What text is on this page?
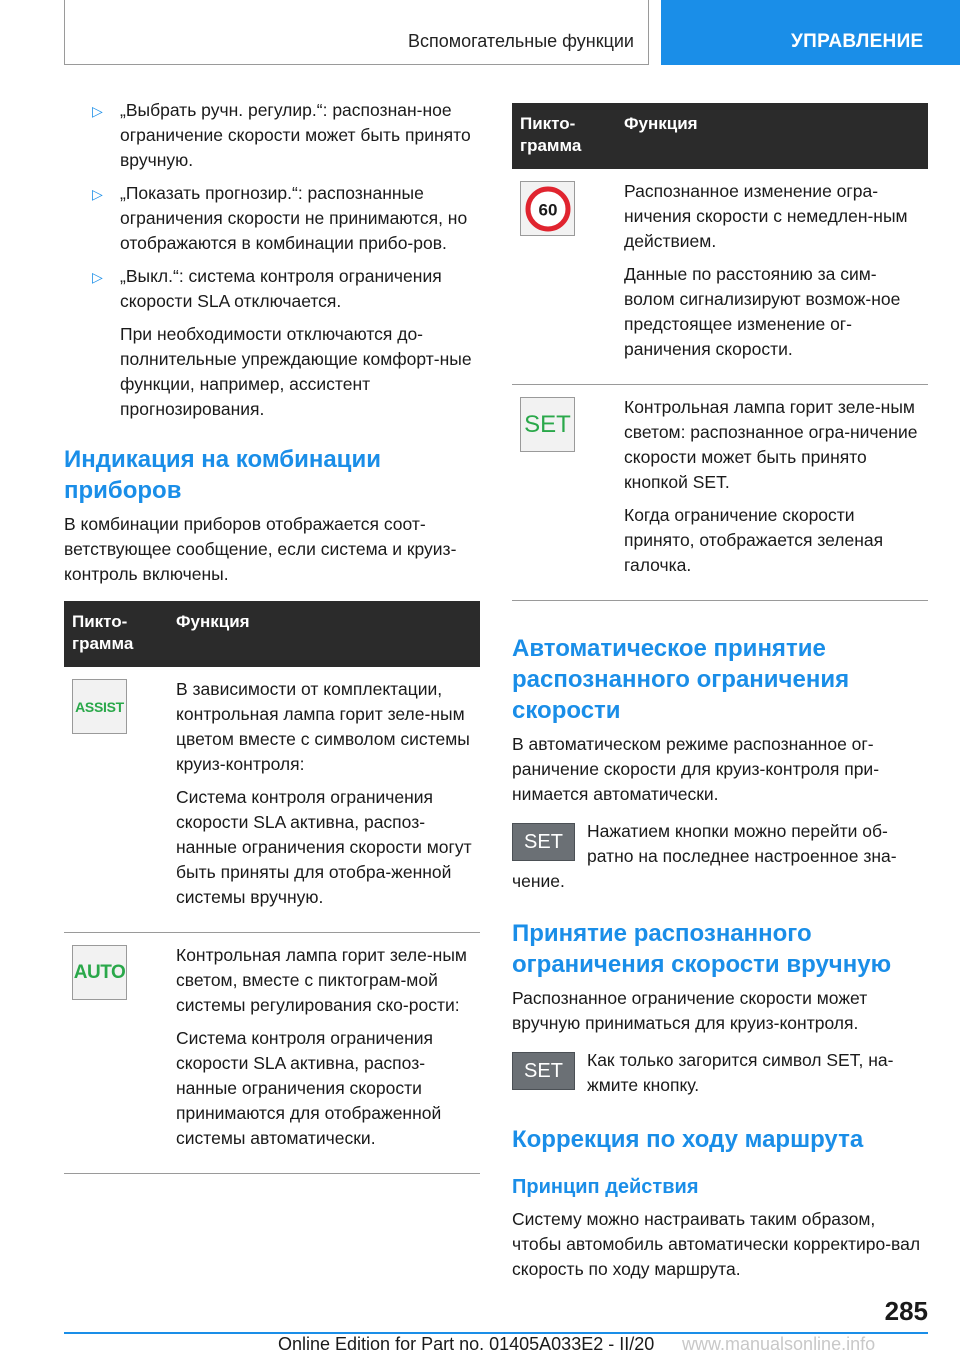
Вспомогательные функции	УПРАВЛЕНИЕ
▷ „Выбрать ручн. регулир.“: распознан-ное ограничение скорости может быть принято вручную.
▷ „Показать прогнозир.“: распознанные ограничения скорости не принимаются, но отображаются в комбинации прибо-ров.
▷ „Выкл.“: система контроля ограничения скорости SLA отключается.
При необходимости отключаются до-полнительные упреждающие комфорт-ные функции, например, ассистент прогнозирования.
Индикация на комбинации приборов
В комбинации приборов отображается соот-ветствующее сообщение, если система и круиз-контроль включены.
Пикто-грамма	Функция

ASSIST	В зависимости от комплектации, контрольная лампа горит зеле-ным цветом вместе с символом системы круиз-контроля:
Система контроля ограничения скорости SLA активна, распоз-нанные ограничения скорости могут быть приняты для отобра-женной системы вручную.

AUTO	Контрольная лампа горит зеле-ным светом, вместе с пиктограм-мой системы регулирования ско-рости:
Система контроля ограничения скорости SLA активна, распоз-нанные ограничения скорости принимаются для отображенной системы автоматически.
Пикто-грамма	Функция

60	Распознанное изменение огра-ничения скорости с немедлен-ным действием.
Данные по расстоянию за сим-волом сигнализируют возмож-ное предстоящее изменение ог-раничения скорости.

SET	Контрольная лампа горит зеле-ным светом: распознанное огра-ничение скорости может быть принято кнопкой SET.
Когда ограничение скорости принято, отображается зеленая галочка.
Автоматическое принятие распознанного ограничения скорости
В автоматическом режиме распознанное ог-раничение скорости для круиз-контроля при-нимается автоматически.
SET Нажатием кнопки можно перейти об-ратно на последнее настроенное зна-чение.
Принятие распознанного ограничения скорости вручную
Распознанное ограничение скорости может вручную приниматься для круиз-контроля.
SET Как только загорится символ SET, на-жмите кнопку.
Коррекция по ходу маршрута
Принцип действия
Систему можно настраивать таким образом, чтобы автомобиль автоматически корректиро-вал скорость по ходу маршрута.
285
Online Edition for Part no. 01405A033E2 - II/20 www.manualsonline.info
